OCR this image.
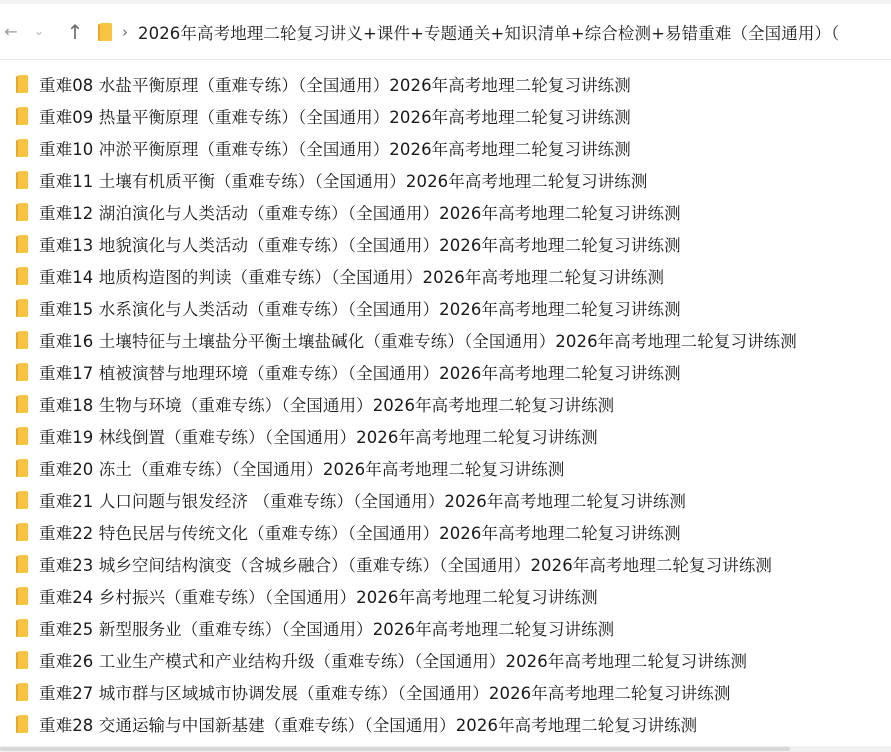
←	⌄ ↑	› 2026年高考地理二轮复习讲义+课件+专题通关+知识清单+综合检测+易错重难（全国通用）（
重难08 水盐平衡原理（重难专练）（全国通用）2026年高考地理二轮复习讲练测
重难09 热量平衡原理（重难专练）（全国通用）2026年高考地理二轮复习讲练测
重难10 冲淤平衡原理（重难专练）（全国通用）2026年高考地理二轮复习讲练测
重难11 土壤有机质平衡（重难专练）（全国通用）2026年高考地理二轮复习讲练测
重难12 湖泊演化与人类活动（重难专练）（全国通用）2026年高考地理二轮复习讲练测
重难13 地貌演化与人类活动（重难专练）（全国通用）2026年高考地理二轮复习讲练测
重难14 地质构造图的判读（重难专练）（全国通用）2026年高考地理二轮复习讲练测
重难15 水系演化与人类活动（重难专练）（全国通用）2026年高考地理二轮复习讲练测
重难16 土壤特征与土壤盐分平衡土壤盐碱化（重难专练）（全国通用）2026年高考地理二轮复习讲练测
重难17 植被演替与地理环境（重难专练）（全国通用）2026年高考地理二轮复习讲练测
重难18 生物与环境（重难专练）（全国通用）2026年高考地理二轮复习讲练测
重难19 林线倒置（重难专练）（全国通用）2026年高考地理二轮复习讲练测
重难20 冻土（重难专练）（全国通用）2026年高考地理二轮复习讲练测
重难21 人口问题与银发经济 （重难专练）（全国通用）2026年高考地理二轮复习讲练测
重难22 特色民居与传统文化（重难专练）（全国通用）2026年高考地理二轮复习讲练测
重难23 城乡空间结构演变（含城乡融合）（重难专练）（全国通用）2026年高考地理二轮复习讲练测
重难24 乡村振兴（重难专练）（全国通用）2026年高考地理二轮复习讲练测
重难25 新型服务业（重难专练）（全国通用）2026年高考地理二轮复习讲练测
重难26 工业生产模式和产业结构升级（重难专练）（全国通用）2026年高考地理二轮复习讲练测
重难27 城市群与区域城市协调发展（重难专练）（全国通用）2026年高考地理二轮复习讲练测
重难28 交通运输与中国新基建（重难专练）（全国通用）2026年高考地理二轮复习讲练测
